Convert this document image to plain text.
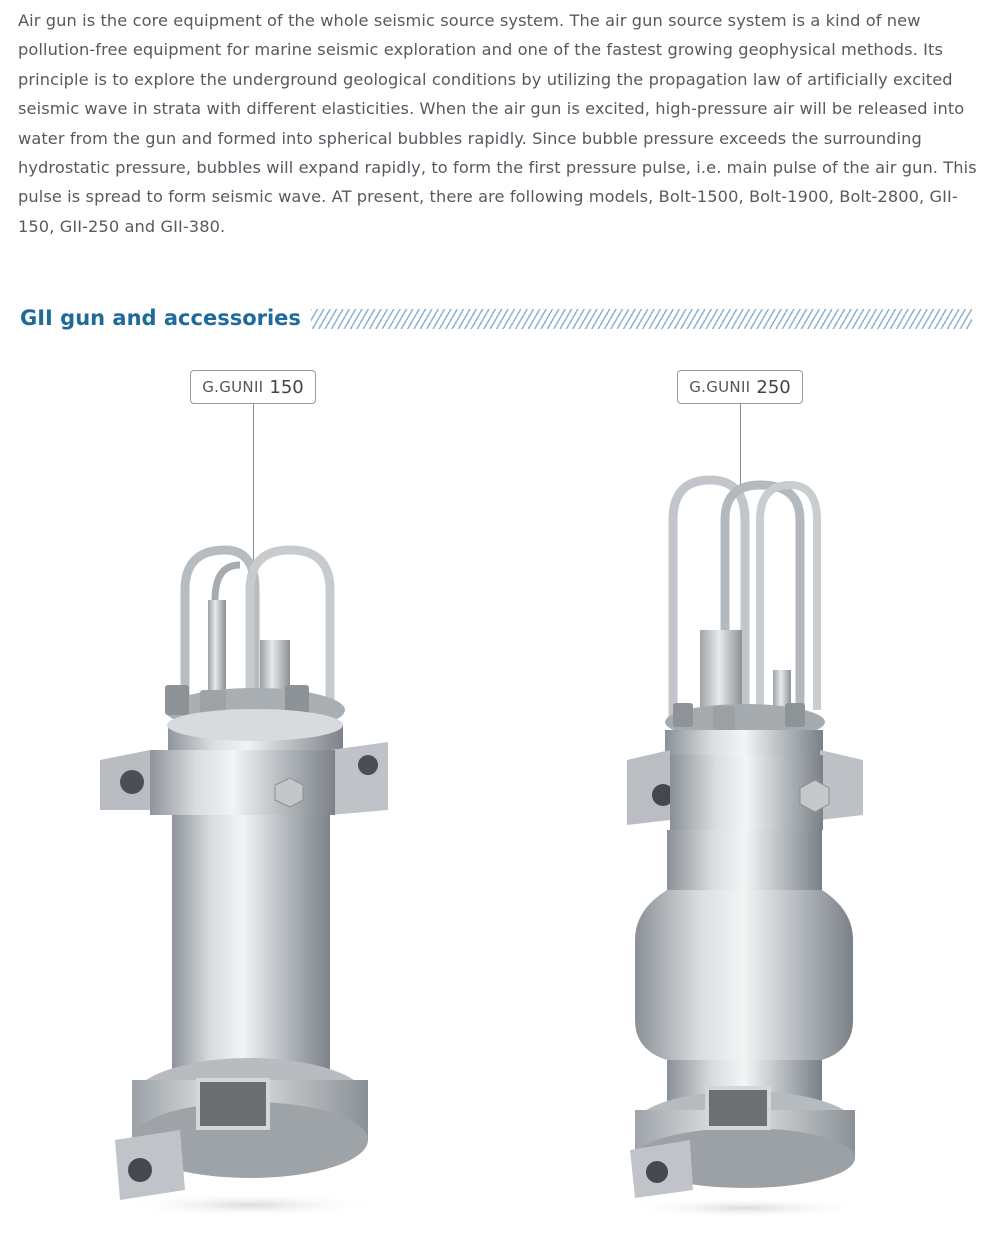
Air gun is the core equipment of the whole seismic source system. The air gun source system is a kind of new pollution-free equipment for marine seismic exploration and one of the fastest growing geophysical methods. Its principle is to explore the underground geological conditions by utilizing the propagation law of artificially excited seismic wave in strata with different elasticities. When the air gun is excited, high-pressure air will be released into water from the gun and formed into spherical bubbles rapidly. Since bubble pressure exceeds the surrounding hydrostatic pressure, bubbles will expand rapidly, to form the first pressure pulse, i.e. main pulse of the air gun. This pulse is spread to form seismic wave. AT present, there are following models, Bolt-1500, Bolt-1900, Bolt-2800, GII-150, GII-250 and GII-380.

GII gun and accessories
G.GUNII 150	G.GUNII 250
